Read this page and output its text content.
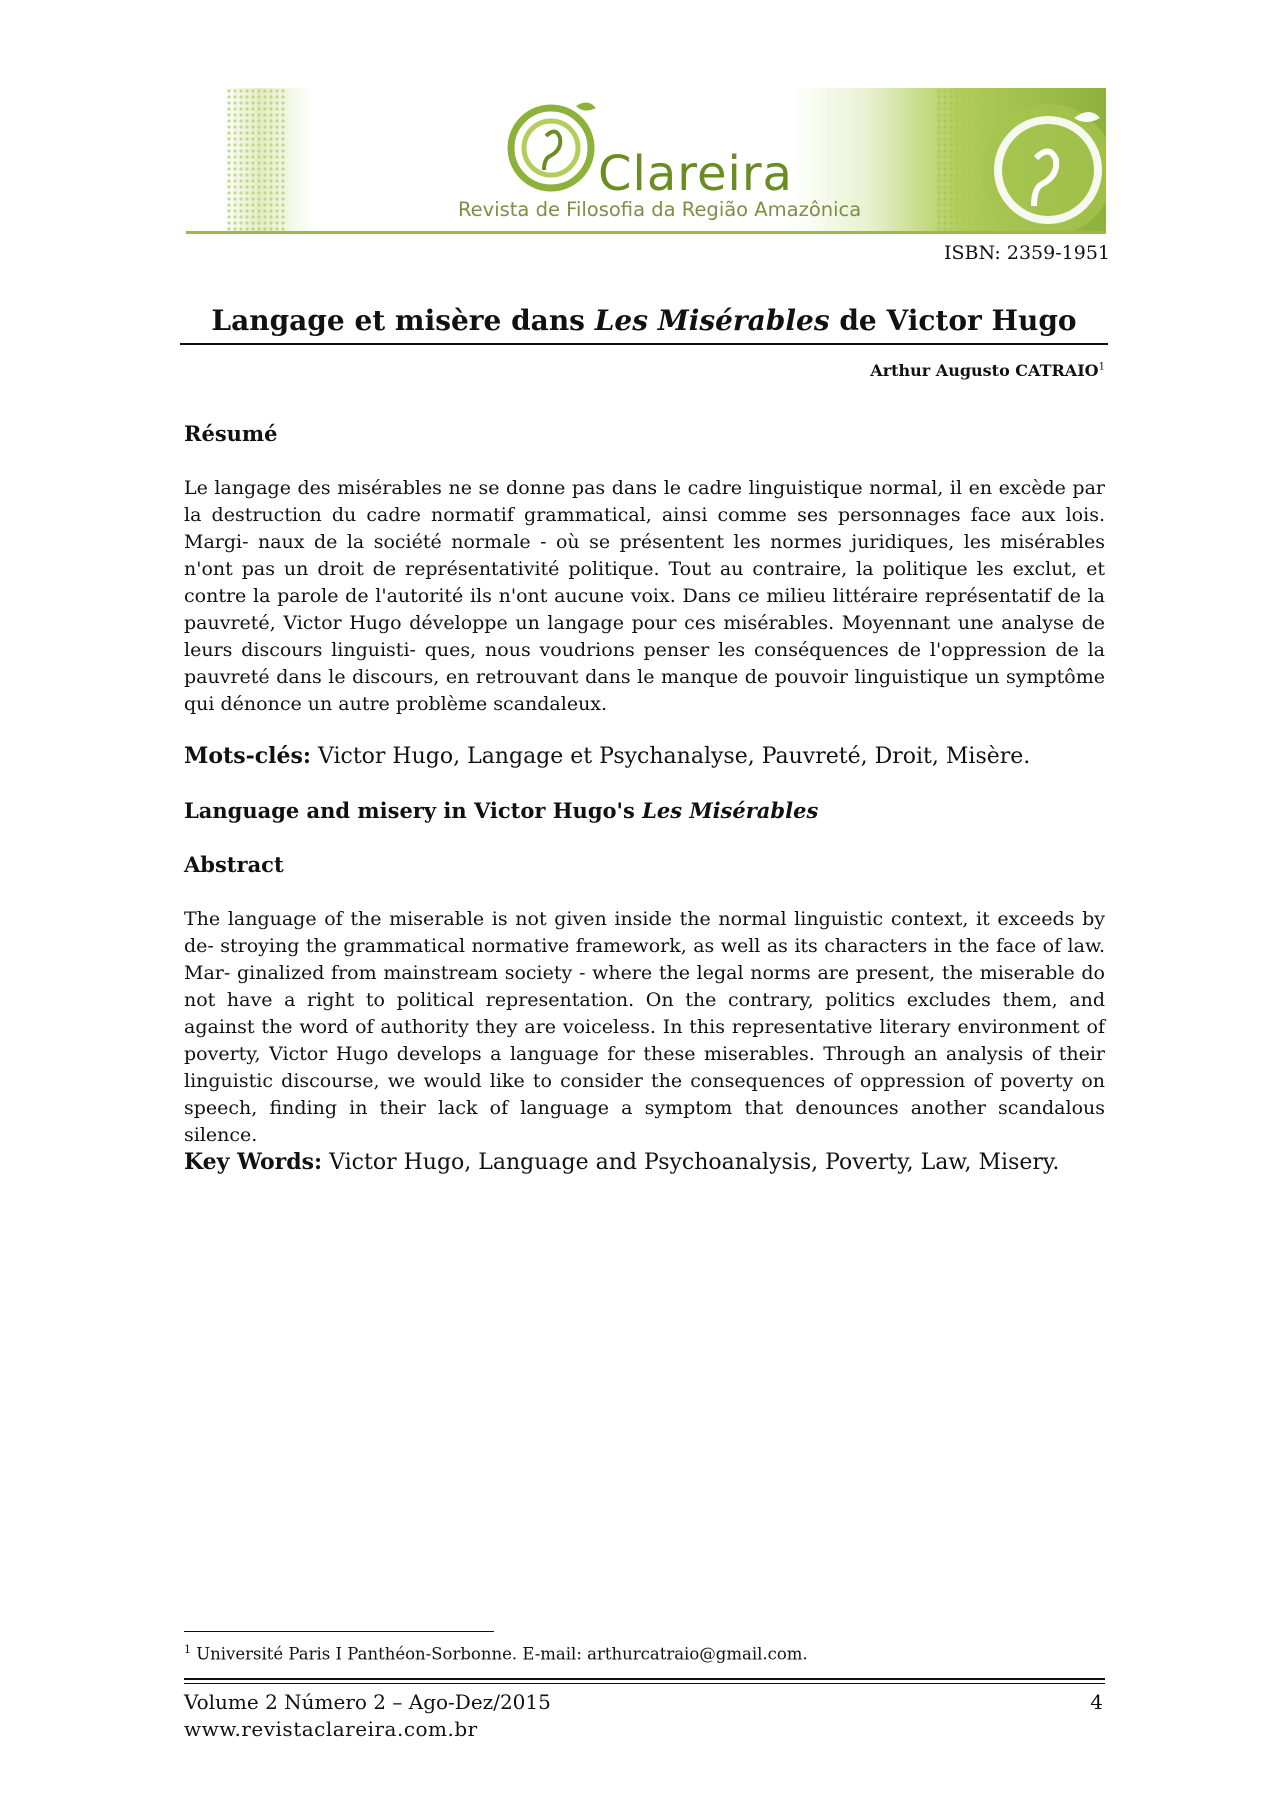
Clareira
Revista de Filosofia da Região Amazônica
ISBN: 2359-1951
Langage et misère dans Les Misérables de Victor Hugo
Arthur Augusto CATRAIO$^1$
Résumé
Le langage des misérables ne se donne pas dans le cadre linguistique normal, il en excède par la destruction du cadre normatif grammatical, ainsi comme ses personnages face aux lois. Margi- naux de la société normale - où se présentent les normes juridiques, les misérables n'ont pas un droit de représentativité politique. Tout au contraire, la politique les exclut, et contre la parole de l'autorité ils n'ont aucune voix. Dans ce milieu littéraire représentatif de la pauvreté, Victor Hugo développe un langage pour ces misérables. Moyennant une analyse de leurs discours linguisti- ques, nous voudrions penser les conséquences de l'oppression de la pauvreté dans le discours, en retrouvant dans le manque de pouvoir linguistique un symptôme qui dénonce un autre problème scandaleux.
Mots-clés: Victor Hugo, Langage et Psychanalyse, Pauvreté, Droit, Misère.
Language and misery in Victor Hugo's Les Misérables
Abstract
The language of the miserable is not given inside the normal linguistic context, it exceeds by de- stroying the grammatical normative framework, as well as its characters in the face of law. Mar- ginalized from mainstream society - where the legal norms are present, the miserable do not have a right to political representation. On the contrary, politics excludes them, and against the word of authority they are voiceless. In this representative literary environment of poverty, Victor Hugo develops a language for these miserables. Through an analysis of their linguistic discourse, we would like to consider the consequences of oppression of poverty on speech, finding in their lack of language a symptom that denounces another scandalous silence.
Key Words: Victor Hugo, Language and Psychoanalysis, Poverty, Law, Misery.
$^1$ Université Paris I Panthéon-Sorbonne. E-mail: arthurcatraio@gmail.com.
Volume 2 Número 2 – Ago-Dez/2015
www.revistaclareira.com.br
4
